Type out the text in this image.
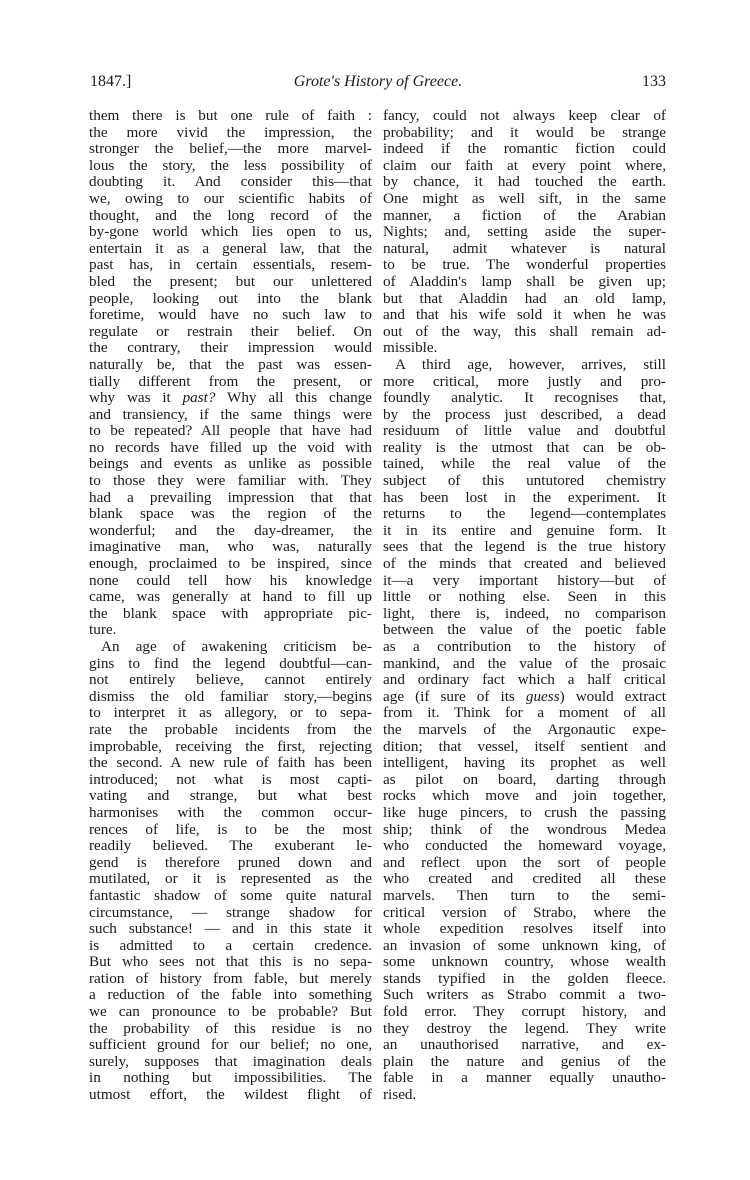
1847.]	Grote's History of Greece.	133
them there is but one rule of faith :
the more vivid the impression, the
stronger the belief,—the more marvel-
lous the story, the less possibility of
doubting it. And consider this—that
we, owing to our scientific habits of
thought, and the long record of the
by-gone world which lies open to us,
entertain it as a general law, that the
past has, in certain essentials, resem-
bled the present; but our unlettered
people, looking out into the blank
foretime, would have no such law to
regulate or restrain their belief. On
the contrary, their impression would
naturally be, that the past was essen-
tially different from the present, or
why was it past? Why all this change
and transiency, if the same things were
to be repeated? All people that have had
no records have filled up the void with
beings and events as unlike as possible
to those they were familiar with. They
had a prevailing impression that that
blank space was the region of the
wonderful; and the day-dreamer, the
imaginative man, who was, naturally
enough, proclaimed to be inspired, since
none could tell how his knowledge
came, was generally at hand to fill up
the blank space with appropriate pic-
ture.
An age of awakening criticism be-
gins to find the legend doubtful—can-
not entirely believe, cannot entirely
dismiss the old familiar story,—begins
to interpret it as allegory, or to sepa-
rate the probable incidents from the
improbable, receiving the first, rejecting
the second. A new rule of faith has been
introduced; not what is most capti-
vating and strange, but what best
harmonises with the common occur-
rences of life, is to be the most
readily believed. The exuberant le-
gend is therefore pruned down and
mutilated, or it is represented as the
fantastic shadow of some quite natural
circumstance, — strange shadow for
such substance! — and in this state it
is admitted to a certain credence.
But who sees not that this is no sepa-
ration of history from fable, but merely
a reduction of the fable into something
we can pronounce to be probable? But
the probability of this residue is no
sufficient ground for our belief; no one,
surely, supposes that imagination deals
in nothing but impossibilities. The
utmost effort, the wildest flight of
fancy, could not always keep clear of
probability; and it would be strange
indeed if the romantic fiction could
claim our faith at every point where,
by chance, it had touched the earth.
One might as well sift, in the same
manner, a fiction of the Arabian
Nights; and, setting aside the super-
natural, admit whatever is natural
to be true. The wonderful properties
of Aladdin's lamp shall be given up;
but that Aladdin had an old lamp,
and that his wife sold it when he was
out of the way, this shall remain ad-
missible.
A third age, however, arrives, still
more critical, more justly and pro-
foundly analytic. It recognises that,
by the process just described, a dead
residuum of little value and doubtful
reality is the utmost that can be ob-
tained, while the real value of the
subject of this untutored chemistry
has been lost in the experiment. It
returns to the legend—contemplates
it in its entire and genuine form. It
sees that the legend is the true history
of the minds that created and believed
it—a very important history—but of
little or nothing else. Seen in this
light, there is, indeed, no comparison
between the value of the poetic fable
as a contribution to the history of
mankind, and the value of the prosaic
and ordinary fact which a half critical
age (if sure of its guess) would extract
from it. Think for a moment of all
the marvels of the Argonautic expe-
dition; that vessel, itself sentient and
intelligent, having its prophet as well
as pilot on board, darting through
rocks which move and join together,
like huge pincers, to crush the passing
ship; think of the wondrous Medea
who conducted the homeward voyage,
and reflect upon the sort of people
who created and credited all these
marvels. Then turn to the semi-
critical version of Strabo, where the
whole expedition resolves itself into
an invasion of some unknown king, of
some unknown country, whose wealth
stands typified in the golden fleece.
Such writers as Strabo commit a two-
fold error. They corrupt history, and
they destroy the legend. They write
an unauthorised narrative, and ex-
plain the nature and genius of the
fable in a manner equally unautho-
rised.
